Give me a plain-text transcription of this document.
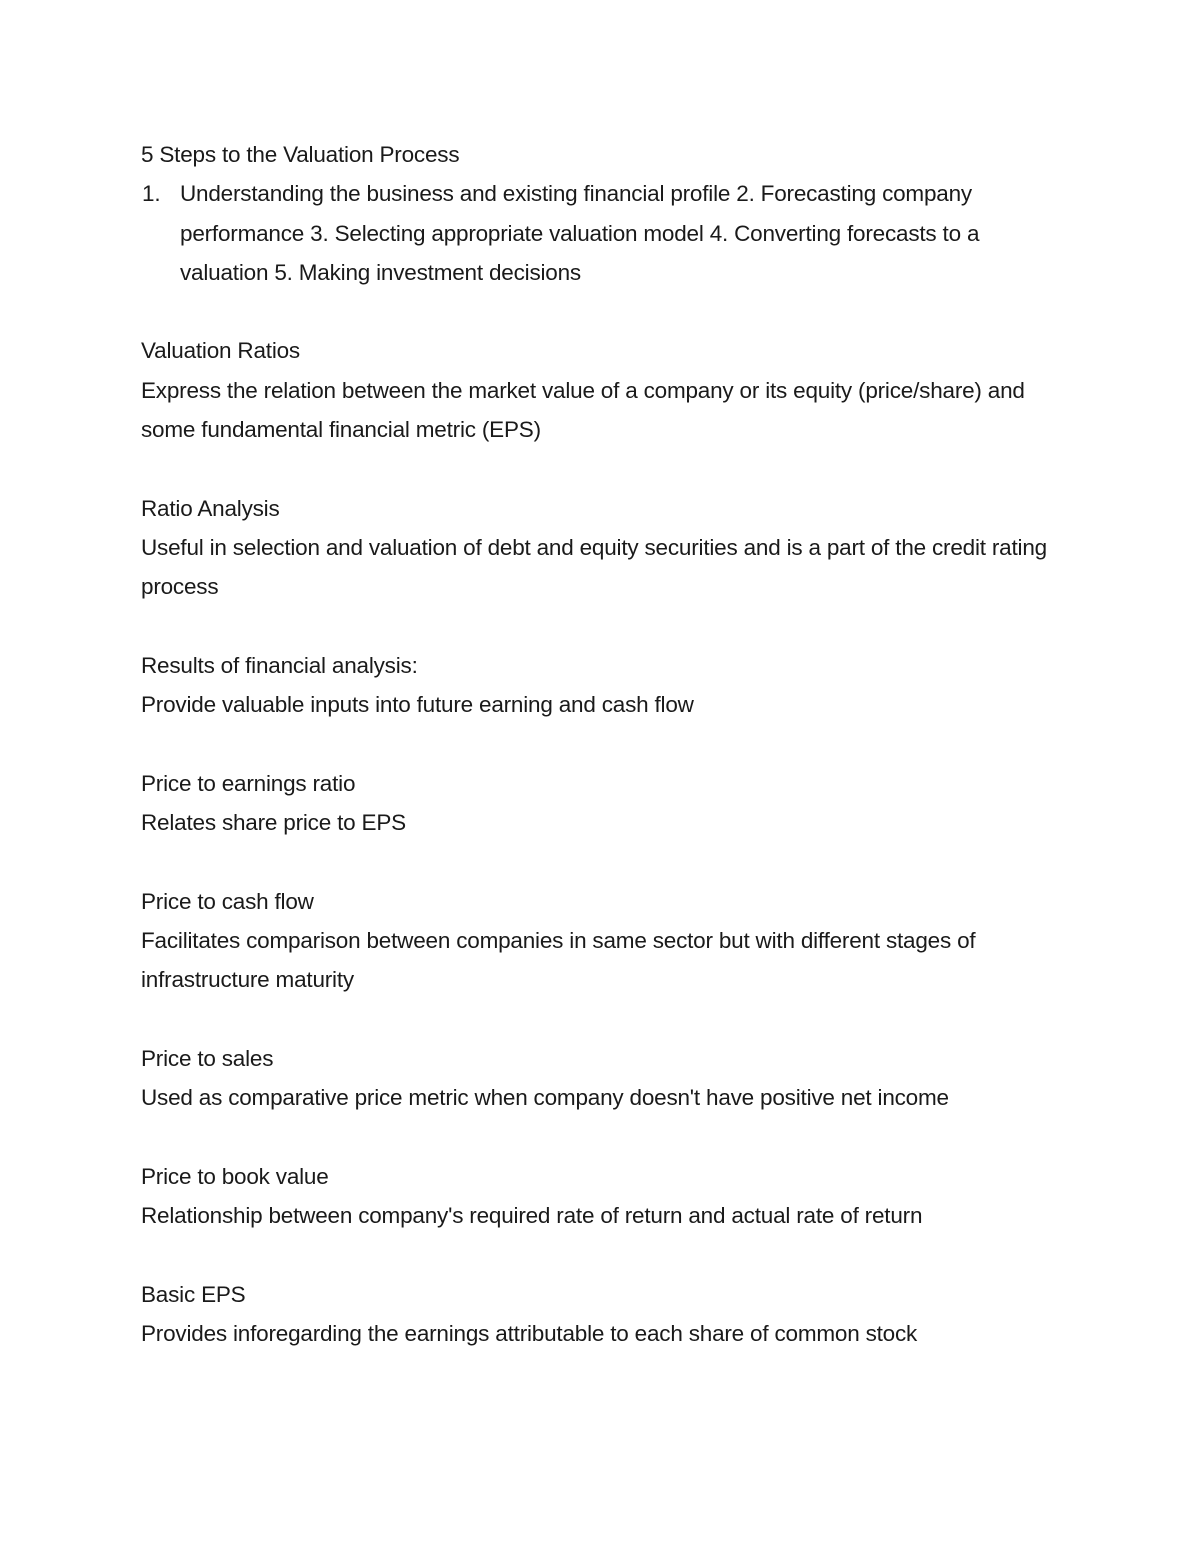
5 Steps to the Valuation Process
1. Understanding the business and existing financial profile 2. Forecasting company performance 3. Selecting appropriate valuation model 4. Converting forecasts to a valuation 5. Making investment decisions

Valuation Ratios

Express the relation between the market value of a company or its equity (price/share) and some fundamental financial metric (EPS)

Ratio Analysis

Useful in selection and valuation of debt and equity securities and is a part of the credit rating process

Results of financial analysis:

Provide valuable inputs into future earning and cash flow

Price to earnings ratio

Relates share price to EPS

Price to cash flow

Facilitates comparison between companies in same sector but with different stages of infrastructure maturity

Price to sales

Used as comparative price metric when company doesn't have positive net income

Price to book value

Relationship between company's required rate of return and actual rate of return

Basic EPS

Provides inforegarding the earnings attributable to each share of common stock
